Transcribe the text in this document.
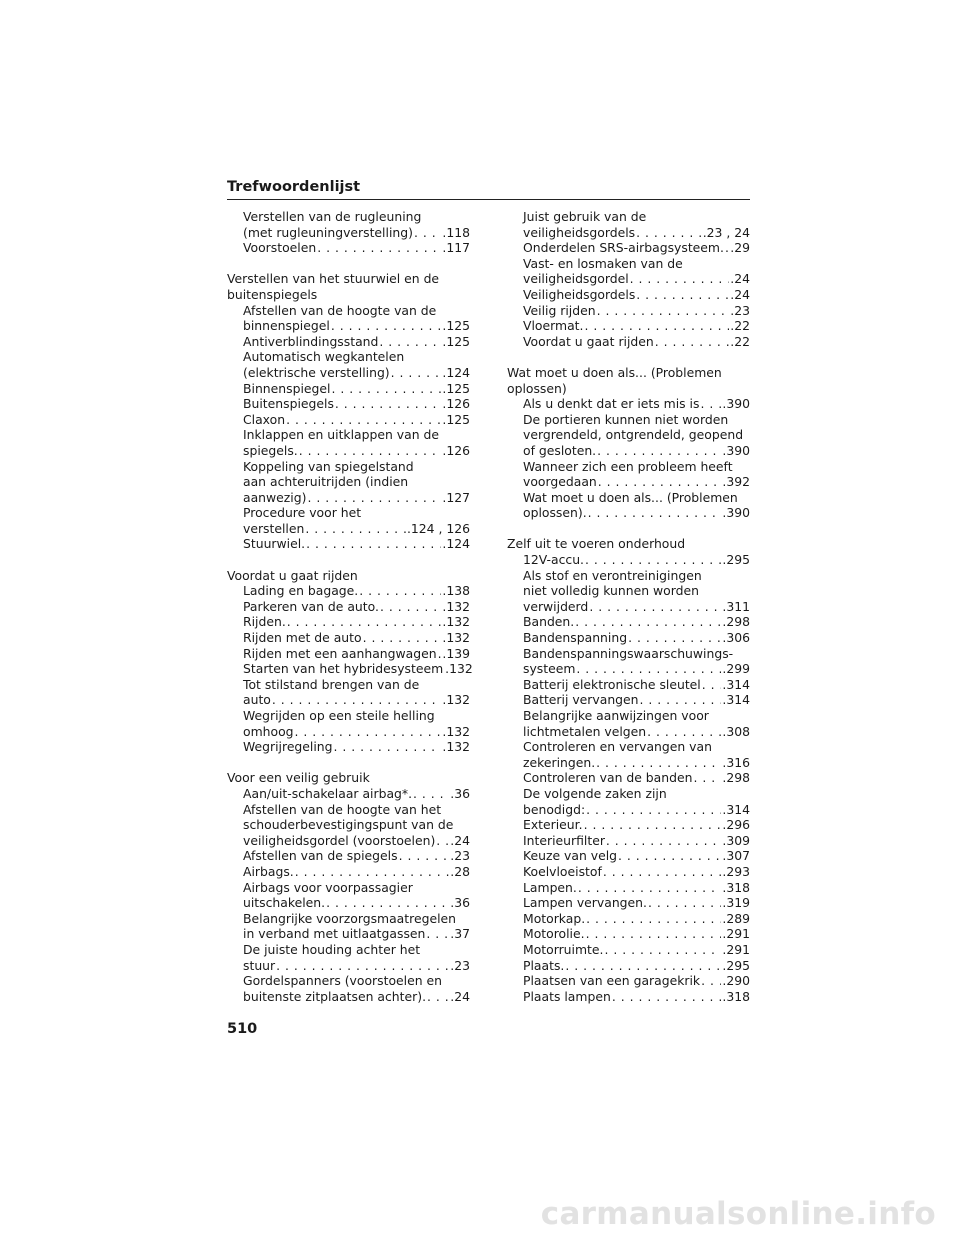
Trefwoordenlijst
Verstellen van de rugleuning
(met rugleuningverstelling) . . . .118
Voorstoelen . . .	.117
Verstellen van het stuurwiel en de
buitenspiegels
Afstellen van de hoogte van de
binnenspiegel . . .	.125
Antiverblindingsstand . . .	.125
Automatisch wegkantelen
(elektrische verstelling) . . .	.124
Binnenspiegel . . .	.125
Buitenspiegels . . .	.126
Claxon . . .	.125
Inklappen en uitklappen van de
spiegels. . . .	.126
Koppeling van spiegelstand
aan achteruitrijden (indien
aanwezig) . . .	.127
Procedure voor het
verstellen . . .	.124 , 126
Stuurwiel. . . .	.124
Voordat u gaat rijden
Lading en bagage. . . .	.138
Parkeren van de auto. . . .	.132
Rijden. . . .	.132
Rijden met de auto . . .	.132
Rijden met een aanhangwagen . . . .139
Starten van het hybridesysteem .132
Tot stilstand brengen van de
auto . . .	.132
Wegrijden op een steile helling
omhoog . . .	.132
Wegrijregeling . . .	.132
Voor een veilig gebruik
Aan/uit-schakelaar airbag*. . . .	.36
Afstellen van de hoogte van het
schouderbevestigingspunt van de
veiligheidsgordel (voorstoelen) . . . .24
Afstellen van de spiegels . . .	.23
Airbags. . . .	.28
Airbags voor voorpassagier
uitschakelen. . . .	.36
Belangrijke voorzorgsmaatregelen
in verband met uitlaatgassen . . . .37
De juiste houding achter het
stuur . . .	.23
Gordelspanners (voorstoelen en
buitenste zitplaatsen achter). . . . .24
Juist gebruik van de
veiligheidsgordels . . .	.23 , 24
Onderdelen SRS-airbagsysteem. . . . .29
Vast- en losmaken van de
veiligheidsgordel . . .	.24
Veiligheidsgordels . . .	.24
Veilig rijden . . .	.23
Vloermat. . . .	.22
Voordat u gaat rijden . . .	.22
Wat moet u doen als... (Problemen
oplossen)
Als u denkt dat er iets mis is . . . .390
De portieren kunnen niet worden
vergrendeld, ontgrendeld, geopend
of gesloten. . . .	.390
Wanneer zich een probleem heeft
voorgedaan . . .	.392
Wat moet u doen als... (Problemen
oplossen). . . .	.390
Zelf uit te voeren onderhoud
12V-accu. . . .	.295
Als stof en verontreinigingen
niet volledig kunnen worden
verwijderd . . .	.311
Banden. . . .	.298
Bandenspanning . . .	.306
Bandenspanningswaarschuwings-
systeem . . .	.299
Batterij elektronische sleutel . . . .314
Batterij vervangen . . .	.314
Belangrijke aanwijzingen voor
lichtmetalen velgen . . .	.308
Controleren en vervangen van
zekeringen. . . .	.316
Controleren van de banden . . . .298
De volgende zaken zijn
benodigd: . . .	.314
Exterieur. . . .	.296
Interieurfilter . . .	.309
Keuze van velg . . .	.307
Koelvloeistof . . .	.293
Lampen. . . .	.318
Lampen vervangen. . . .	.319
Motorkap. . . .	.289
Motorolie. . . .	.291
Motorruimte. . . .	.291
Plaats. . . .	.295
Plaatsen van een garagekrik . . . .290
Plaats lampen . . .	.318
510
carmanualsonline.info
